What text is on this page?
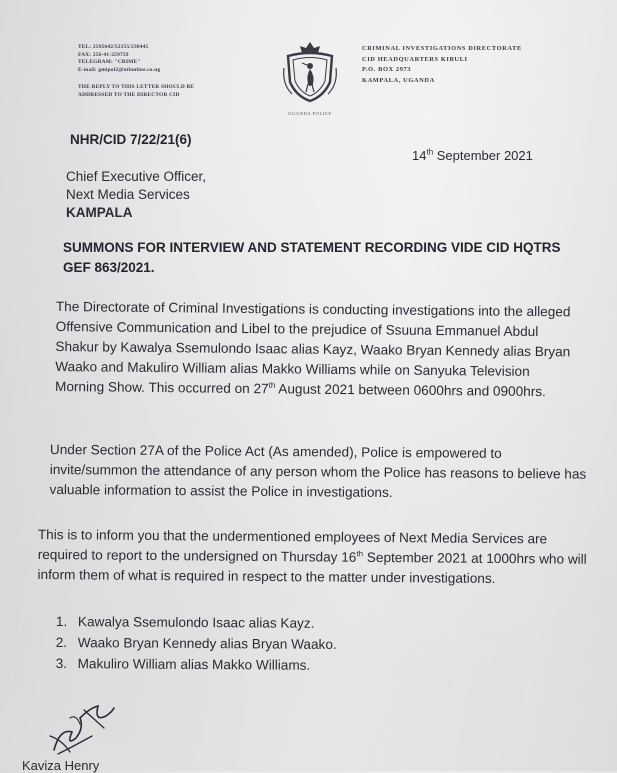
TEL: 2595642/52355/230445
FAX: 256-41-259759
TELEGRAM: "CRIME"
E-mail: gmipol2@utlonline.co.ug
THE REPLY TO THIS LETTER SHOULD BE
ADDRESSED TO THE DIRECTOR CID
UGANDA POLICE
CRIMINAL INVESTIGATIONS DIRECTORATE
CID HEADQUARTERS KIBULI
P.O. BOX 2973
KAMPALA, UGANDA
NHR/CID 7/22/21(6)
14th September 2021
Chief Executive Officer,
Next Media Services
KAMPALA
SUMMONS FOR INTERVIEW AND STATEMENT RECORDING VIDE CID HQTRS GEF 863/2021.
The Directorate of Criminal Investigations is conducting investigations into the alleged Offensive Communication and Libel to the prejudice of Ssuuna Emmanuel Abdul Shakur by Kawalya Ssemulondo Isaac alias Kayz, Waako Bryan Kennedy alias Bryan Waako and Makuliro William alias Makko Williams while on Sanyuka Television Morning Show. This occurred on 27th August 2021 between 0600hrs and 0900hrs.
Under Section 27A of the Police Act (As amended), Police is empowered to invite/summon the attendance of any person whom the Police has reasons to believe has valuable information to assist the Police in investigations.
This is to inform you that the undermentioned employees of Next Media Services are required to report to the undersigned on Thursday 16th September 2021 at 1000hrs who will inform them of what is required in respect to the matter under investigations.
1. Kawalya Ssemulondo Isaac alias Kayz.
2. Waako Bryan Kennedy alias Bryan Waako.
3. Makuliro William alias Makko Williams.
Kaviza Henry
